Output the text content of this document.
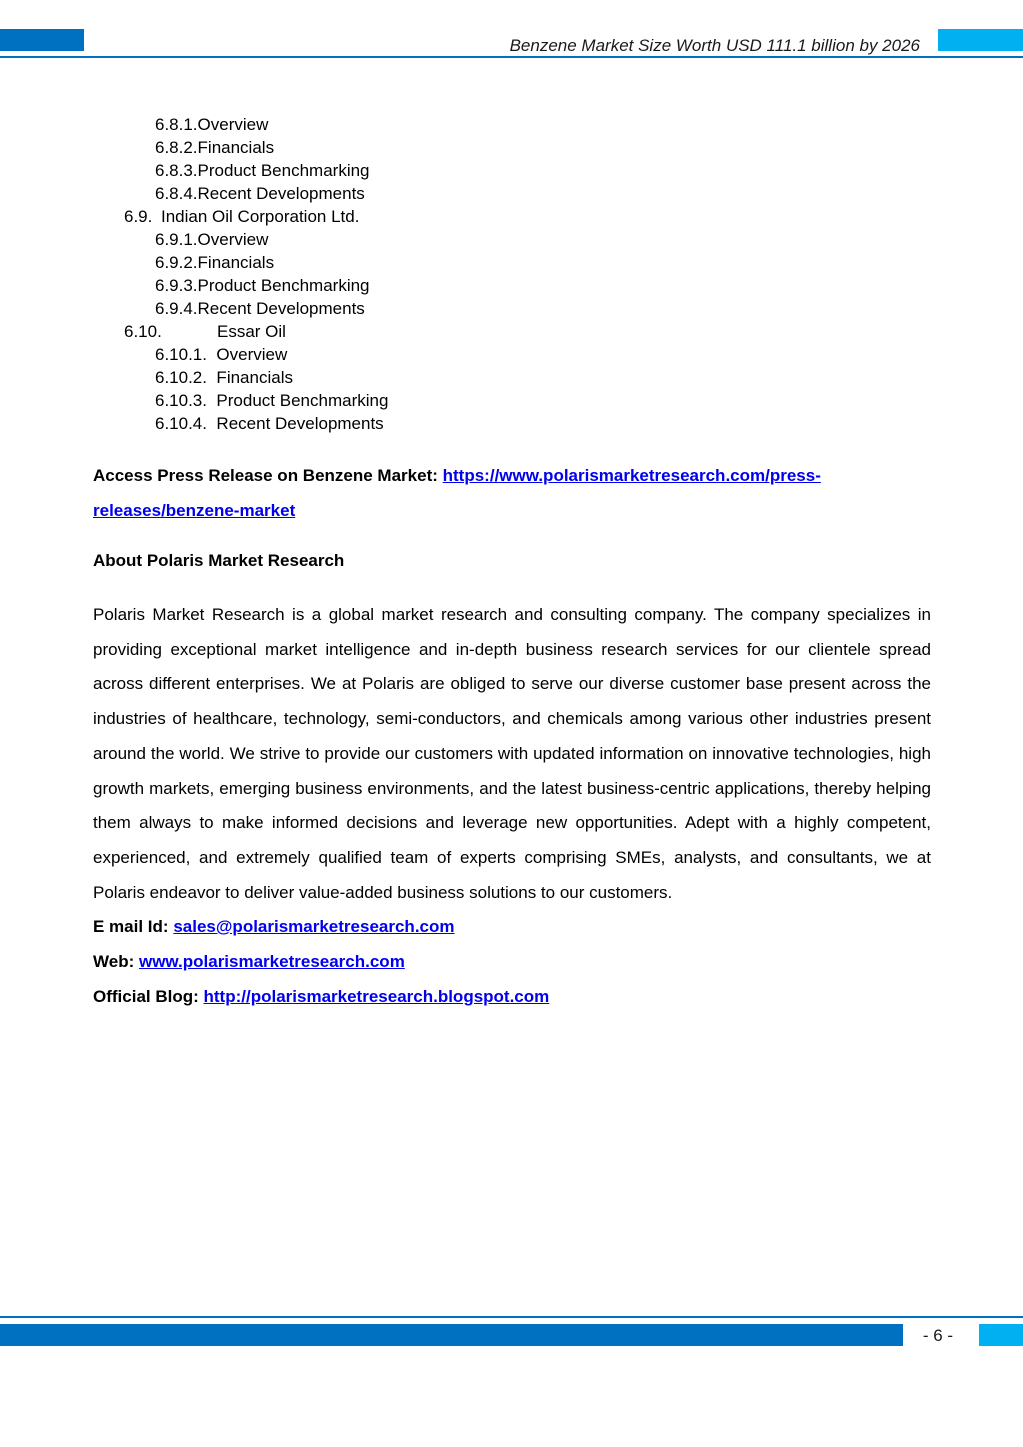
Benzene Market Size Worth USD 111.1 billion by 2026
6.8.1.Overview
6.8.2.Financials
6.8.3.Product Benchmarking
6.8.4.Recent Developments
6.9. Indian Oil Corporation Ltd.
6.9.1.Overview
6.9.2.Financials
6.9.3.Product Benchmarking
6.9.4.Recent Developments
6.10.	Essar Oil
6.10.1.  Overview
6.10.2.  Financials
6.10.3.  Product Benchmarking
6.10.4.  Recent Developments
Access Press Release on Benzene Market: https://www.polarismarketresearch.com/press-
releases/benzene-market
About Polaris Market Research
Polaris Market Research is a global market research and consulting company. The company specializes in providing exceptional market intelligence and in-depth business research services for our clientele spread across different enterprises. We at Polaris are obliged to serve our diverse customer base present across the industries of healthcare, technology, semi-conductors, and chemicals among various other industries present around the world. We strive to provide our customers with updated information on innovative technologies, high growth markets, emerging business environments, and the latest business-centric applications, thereby helping them always to make informed decisions and leverage new opportunities. Adept with a highly competent, experienced, and extremely qualified team of experts comprising SMEs, analysts, and consultants, we at Polaris endeavor to deliver value-added business solutions to our customers.
E mail Id: sales@polarismarketresearch.com
Web: www.polarismarketresearch.com
Official Blog: http://polarismarketresearch.blogspot.com
- 6 -
